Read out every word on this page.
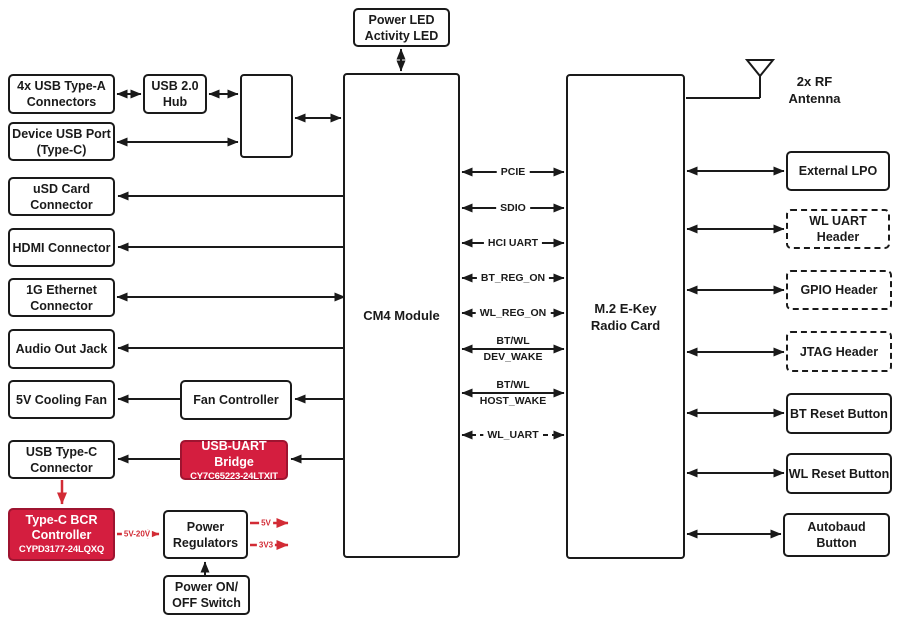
Power LED
Activity LED
4x USB Type-A
Connectors
USB 2.0
Hub
Device USB Port
(Type-C)
uSD Card
Connector
HDMI Connector
1G Ethernet
Connector
Audio Out Jack
5V Cooling Fan	Fan Controller
USB Type-C
Connector
USB-UART Bridge
CY7C65223-24LTXIT
Type-C BCR
Controller
CYPD3177-24LQXQ
Power
Regulators
Power ON/
OFF Switch
CM4 Module	M.2 E-Key
Radio Card
2x RF Antenna
External LPO
WL UART
Header
GPIO Header
JTAG Header
BT Reset Button
WL Reset Button
Autobaud
Button
PCIE
SDIO
HCI UART
BT_REG_ON
WL_REG_ON
BT/WL
DEV_WAKE
BT/WL
HOST_WAKE
WL_UART
5V-20V
5V
3V3
